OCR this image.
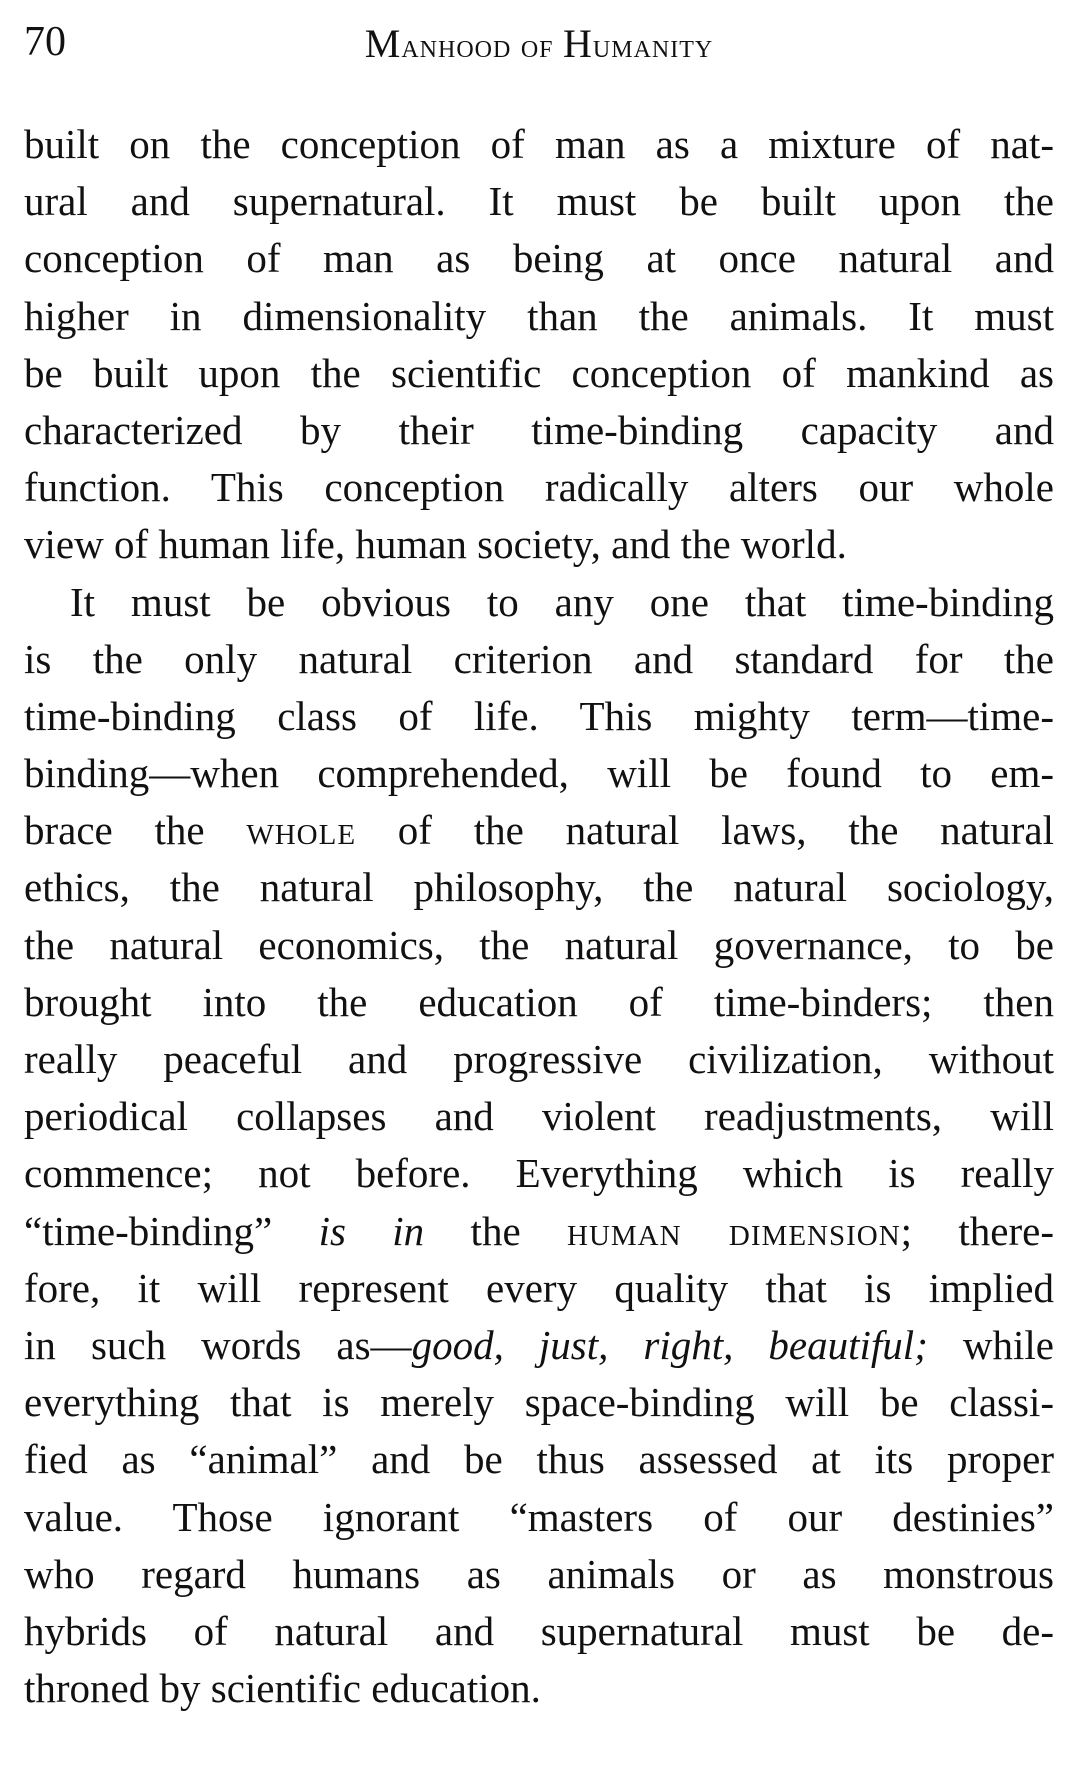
70	Manhood of Humanity
built on the conception of man as a mixture of nat-
ural and supernatural. It must be built upon the
conception of man as being at once natural and
higher in dimensionality than the animals. It must
be built upon the scientific conception of mankind as
characterized by their time-binding capacity and
function. This conception radically alters our whole
view of human life, human society, and the world.
It must be obvious to any one that time-binding
is the only natural criterion and standard for the
time-binding class of life. This mighty term—time-
binding—when comprehended, will be found to em-
brace the whole of the natural laws, the natural
ethics, the natural philosophy, the natural sociology,
the natural economics, the natural governance, to be
brought into the education of time-binders; then
really peaceful and progressive civilization, without
periodical collapses and violent readjustments, will
commence; not before. Everything which is really
“time-binding” is in the human dimension; there-
fore, it will represent every quality that is implied
in such words as—good, just, right, beautiful; while
everything that is merely space-binding will be classi-
fied as “animal” and be thus assessed at its proper
value. Those ignorant “masters of our destinies”
who regard humans as animals or as monstrous
hybrids of natural and supernatural must be de-
throned by scientific education.
